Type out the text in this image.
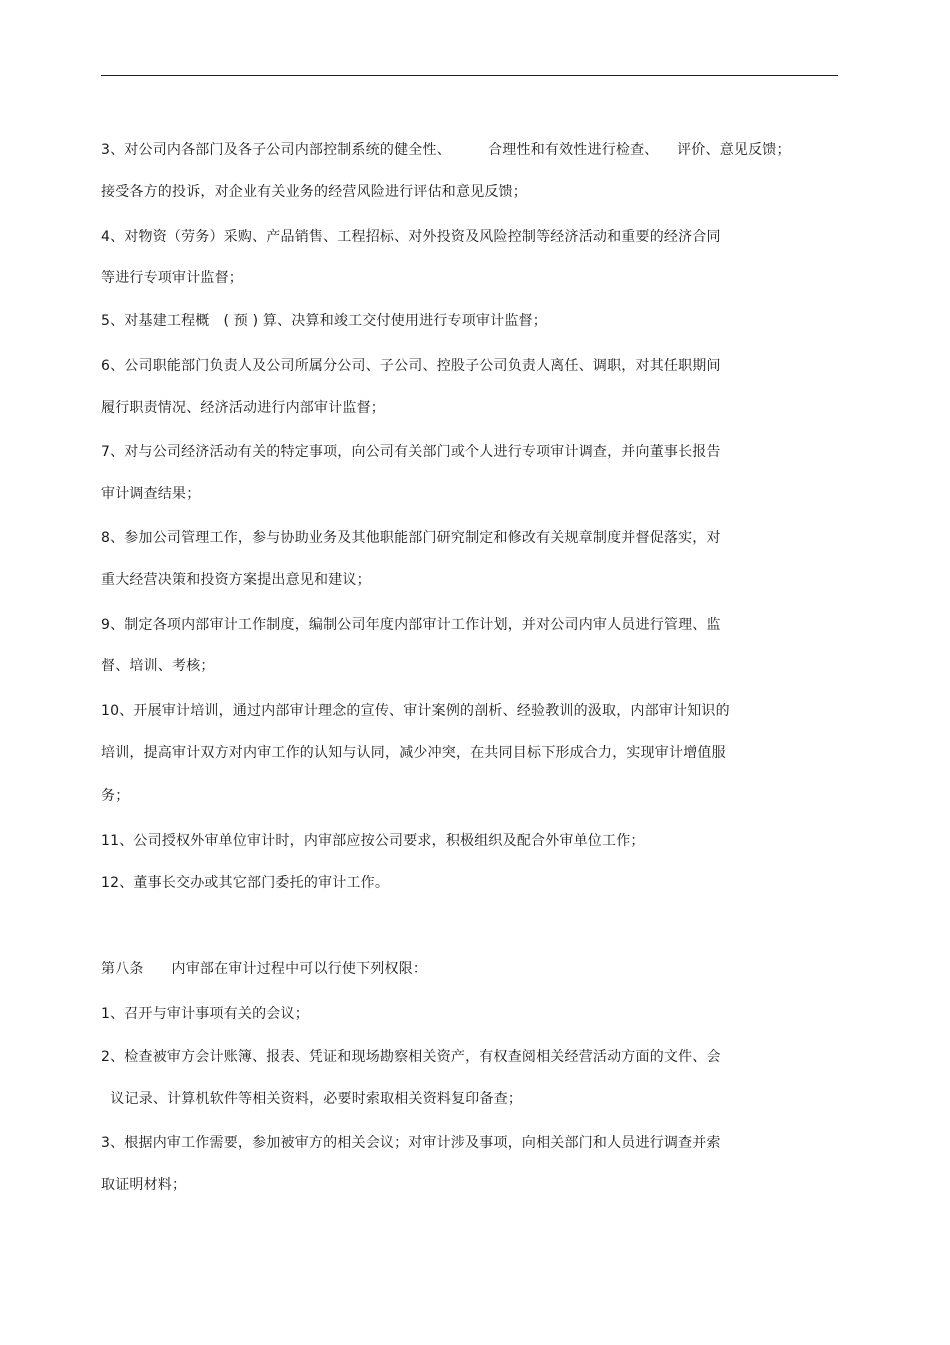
3、对公司内各部门及各子公司内部控制系统的健全性、        合理性和有效性进行检查、    评价、意见反馈；
接受各方的投诉，对企业有关业务的经营风险进行评估和意见反馈；
4、对物资（劳务）采购、产品销售、工程招标、对外投资及风险控制等经济活动和重要的经济合同
等进行专项审计监督；
5、对基建工程概   ( 预 ) 算、决算和竣工交付使用进行专项审计监督；
6、公司职能部门负责人及公司所属分公司、子公司、控股子公司负责人离任、调职，对其任职期间
履行职责情况、经济活动进行内部审计监督；
7、对与公司经济活动有关的特定事项，向公司有关部门或个人进行专项审计调查，并向董事长报告
审计调查结果；
8、参加公司管理工作，参与协助业务及其他职能部门研究制定和修改有关规章制度并督促落实，对
重大经营决策和投资方案提出意见和建议；
9、制定各项内部审计工作制度，编制公司年度内部审计工作计划，并对公司内审人员进行管理、监
督、培训、考核；
10、开展审计培训，通过内部审计理念的宣传、审计案例的剖析、经验教训的汲取，内部审计知识的
培训，提高审计双方对内审工作的认知与认同，减少冲突，在共同目标下形成合力，实现审计增值服
务；
11、公司授权外审单位审计时，内审部应按公司要求，积极组织及配合外审单位工作；
12、董事长交办或其它部门委托的审计工作。
第八条      内审部在审计过程中可以行使下列权限：
1、召开与审计事项有关的会议；
2、检查被审方会计账簿、报表、凭证和现场勘察相关资产，有权查阅相关经营活动方面的文件、会
议记录、计算机软件等相关资料，必要时索取相关资料复印备查；
3、根据内审工作需要，参加被审方的相关会议；对审计涉及事项，向相关部门和人员进行调查并索
取证明材料；
